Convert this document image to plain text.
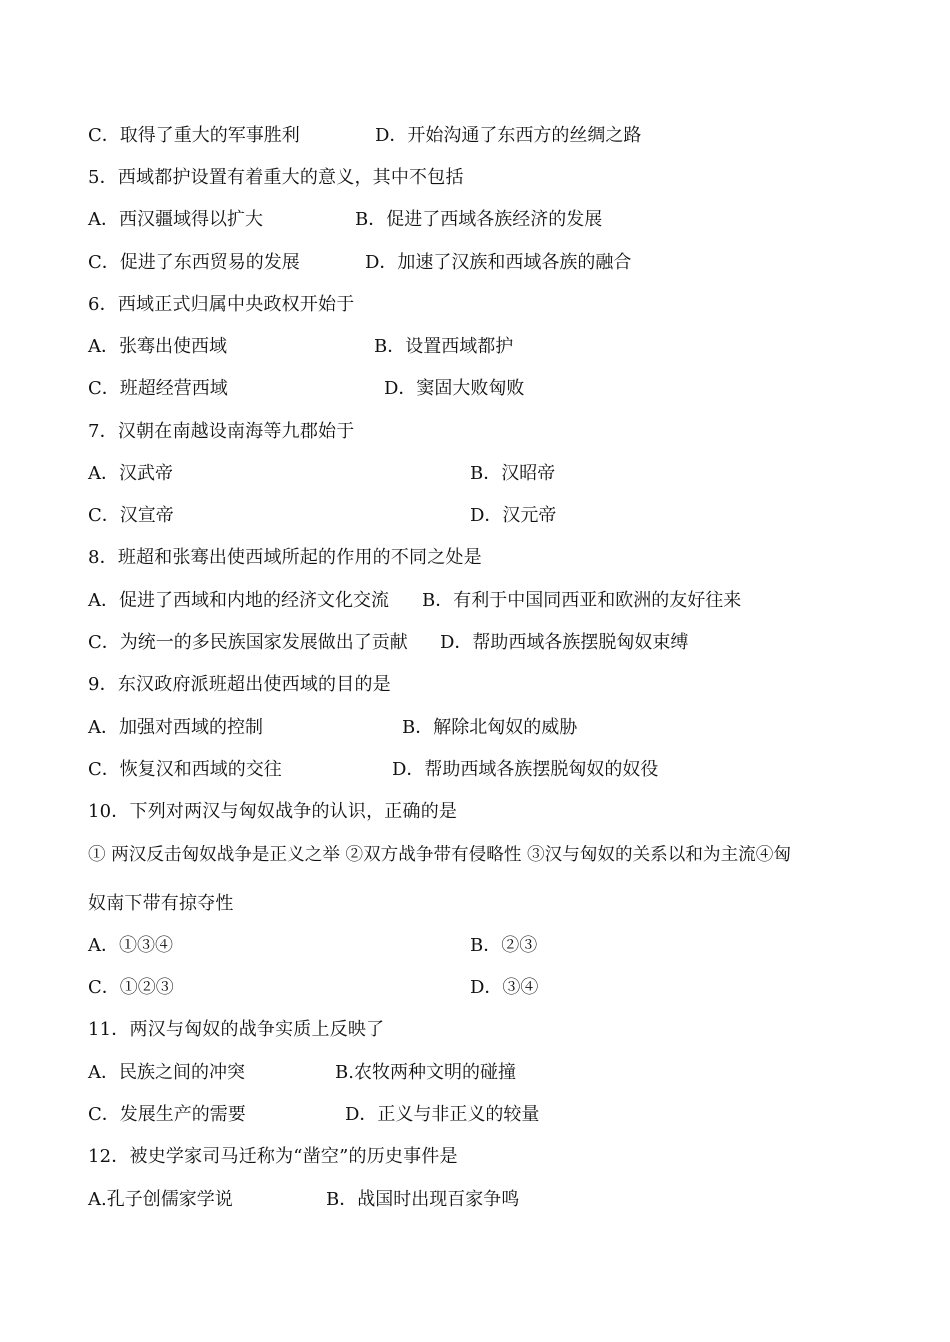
C．取得了重大的军事胜利	D．开始沟通了东西方的丝绸之路
5．西域都护设置有着重大的意义，其中不包括
A．西汉疆域得以扩大	B．促进了西域各族经济的发展
C．促进了东西贸易的发展	D．加速了汉族和西域各族的融合
6．西域正式归属中央政权开始于
A．张骞出使西域	B．设置西域都护
C．班超经营西域	D．窦固大败匈败
7．汉朝在南越设南海等九郡始于
A．汉武帝	B．汉昭帝
C．汉宣帝	D．汉元帝
8．班超和张骞出使西域所起的作用的不同之处是
A．促进了西域和内地的经济文化交流 B．有利于中国同西亚和欧洲的友好往来
C．为统一的多民族国家发展做出了贡献 D．帮助西域各族摆脱匈奴束缚
9．东汉政府派班超出使西域的目的是
A．加强对西域的控制	B．解除北匈奴的威胁
C．恢复汉和西域的交往	D．帮助西域各族摆脱匈奴的奴役
10．下列对两汉与匈奴战争的认识，正确的是
① 两汉反击匈奴战争是正义之举 ②双方战争带有侵略性 ③汉与匈奴的关系以和为主流④匈
奴南下带有掠夺性
A．①③④	B．②③
C．①②③	D．③④
11．两汉与匈奴的战争实质上反映了
A．民族之间的冲突	B.农牧两种文明的碰撞
C．发展生产的需要	D．正义与非正义的较量
12．被史学家司马迁称为“凿空”的历史事件是
A.孔子创儒家学说	B．战国时出现百家争鸣
